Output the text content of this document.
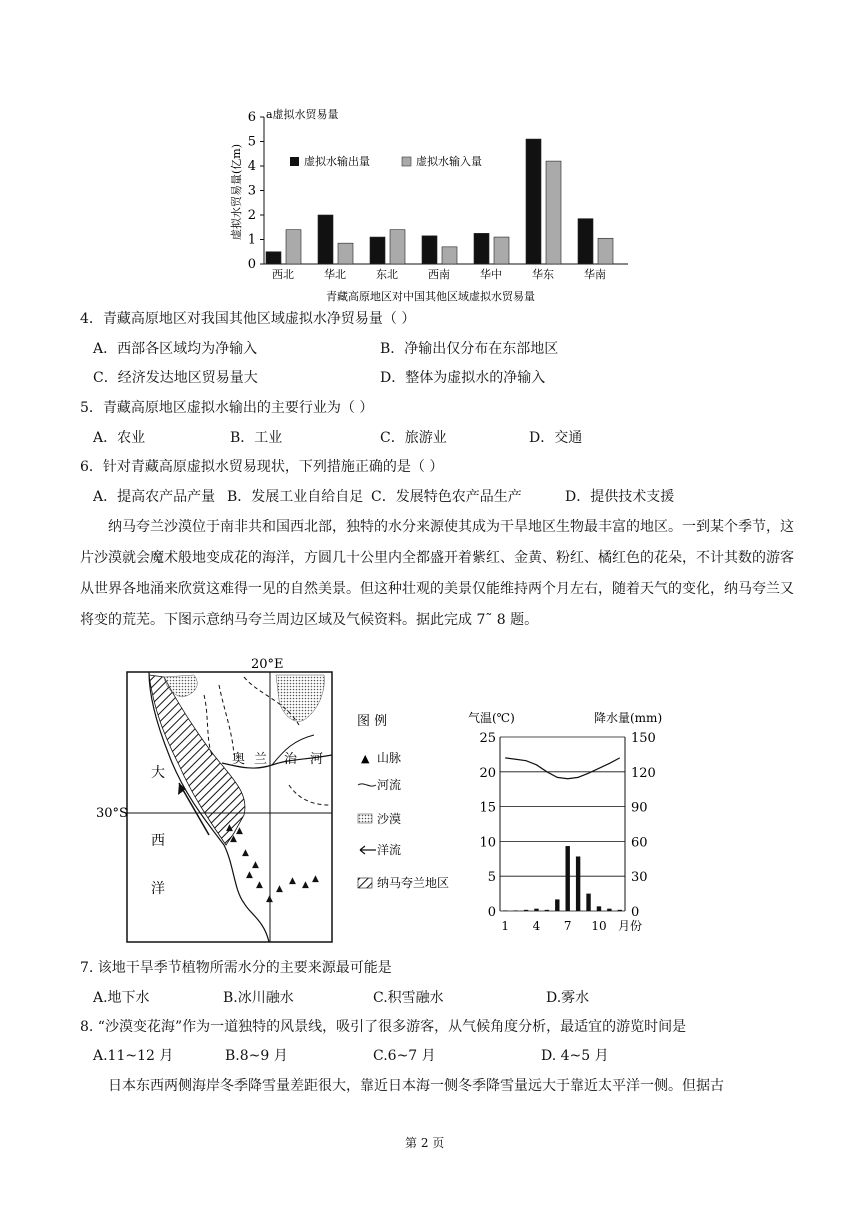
a虚拟水贸易量
虚拟水贸易量(亿m)
0
1
2
3
4
5
6
西北	华北	东北	西南	华中	华东	华南
虚拟水输出量	虚拟水输入量
青藏高原地区对中国其他区域虚拟水贸易量
4．青藏高原地区对我国其他区域虚拟水净贸易量（ ）
A．西部各区域均为净输入	B．净输出仅分布在东部地区
C．经济发达地区贸易量大	D．整体为虚拟水的净输入
5．青藏高原地区虚拟水输出的主要行业为（ ）
A．农业	B．工业	C．旅游业	D．交通
6．针对青藏高原虚拟水贸易现状，下列措施正确的是（ ）
A．提高农产品产量 B．发展工业自给自足 C．发展特色农产品生产	D．提供技术支援
纳马夸兰沙漠位于南非共和国西北部，独特的水分来源使其成为干旱地区生物最丰富的地区。一到某个季节，这片沙漠就会魔术般地变成花的海洋，方圆几十公里内全都盛开着紫红、金黄、粉红、橘红色的花朵，不计其数的游客从世界各地涌来欣赏这难得一见的自然美景。但这种壮观的美景仅能维持两个月左右，随着天气的变化，纳马夸兰又将变的荒芜。下图示意纳马夸兰周边区域及气候资料。据此完成 7˜ 8 题。
20°E
30°S
大
西
洋
奥 兰 治 河
▲ ▲
▲
▲
▲
▲
▲
▲
▲
▲ ▲
▲
图 例
▲ 山脉
河流
沙漠
洋流
纳马夸兰地区
气温(℃)	降水量(mm)
0	0
5	30
10	60
15	90
20	120
25	150
1 4 7 10 月份
7. 该地干旱季节植物所需水分的主要来源最可能是
A.地下水	B.冰川融水	C.积雪融水	D.雾水
8. “沙漠变花海”作为一道独特的风景线，吸引了很多游客，从气候角度分析，最适宜的游览时间是
A.11~12 月	B.8~9 月	C.6~7 月	D. 4~5 月
日本东西两侧海岸冬季降雪量差距很大，靠近日本海一侧冬季降雪量远大于靠近太平洋一侧。但据古
第 2 页
